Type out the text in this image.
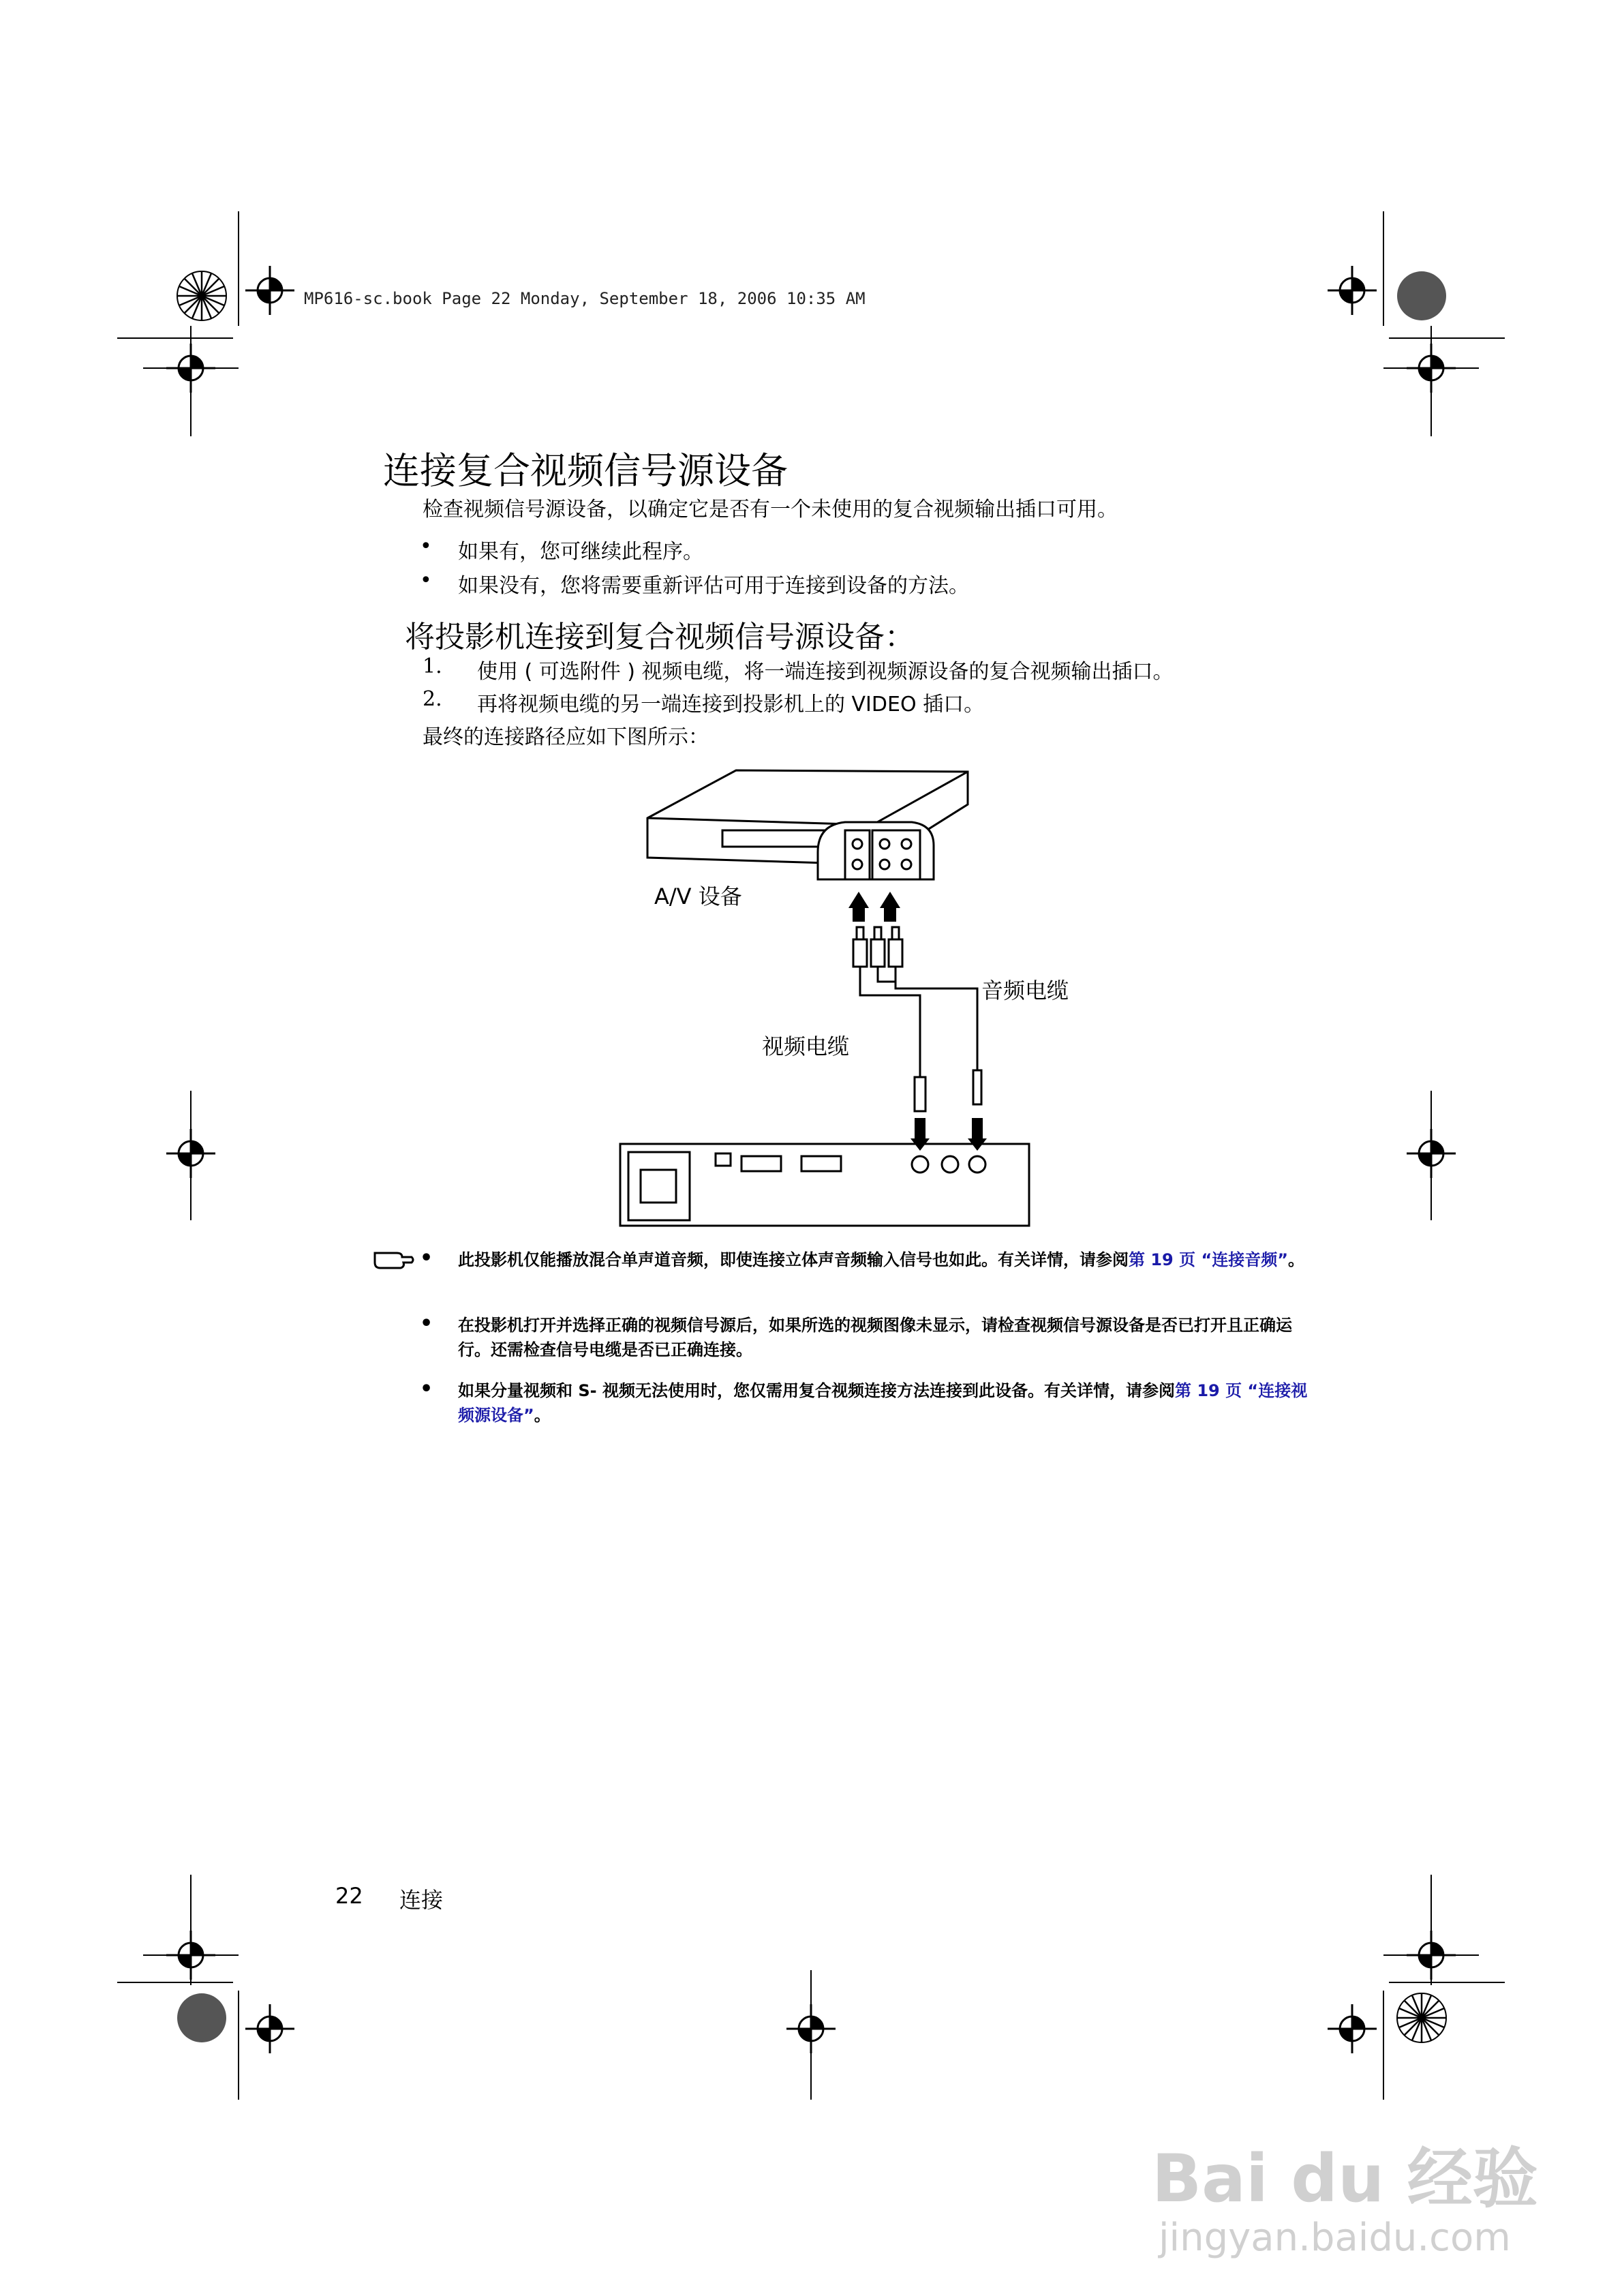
MP616-sc.book Page 22 Monday, September 18, 2006 10:35 AM
连接复合视频信号源设备
检查视频信号源设备，以确定它是否有一个未使用的复合视频输出插口可用。
• 如果有，您可继续此程序。
• 如果没有，您将需要重新评估可用于连接到设备的方法。
将投影机连接到复合视频信号源设备：
1. 使用 ( 可选附件 ) 视频电缆，将一端连接到视频源设备的复合视频输出插口。
2. 再将视频电缆的另一端连接到投影机上的 VIDEO 插口。
最终的连接路径应如下图所示：
A/V 设备
音频电缆
视频电缆
• 此投影机仅能播放混合单声道音频，即使连接立体声音频输入信号也如此。有关详情，请参阅第 19 页 “连接音频”。
• 在投影机打开并选择正确的视频信号源后，如果所选的视频图像未显示，请检查视频信号源设备是否已打开且正确运行。还需检查信号电缆是否已正确连接。
• 如果分量视频和 S- 视频无法使用时，您仅需用复合视频连接方法连接到此设备。有关详情，请参阅第 19 页 “连接视频源设备”。
22 连接
Bai du 经验
jingyan.baidu.com
